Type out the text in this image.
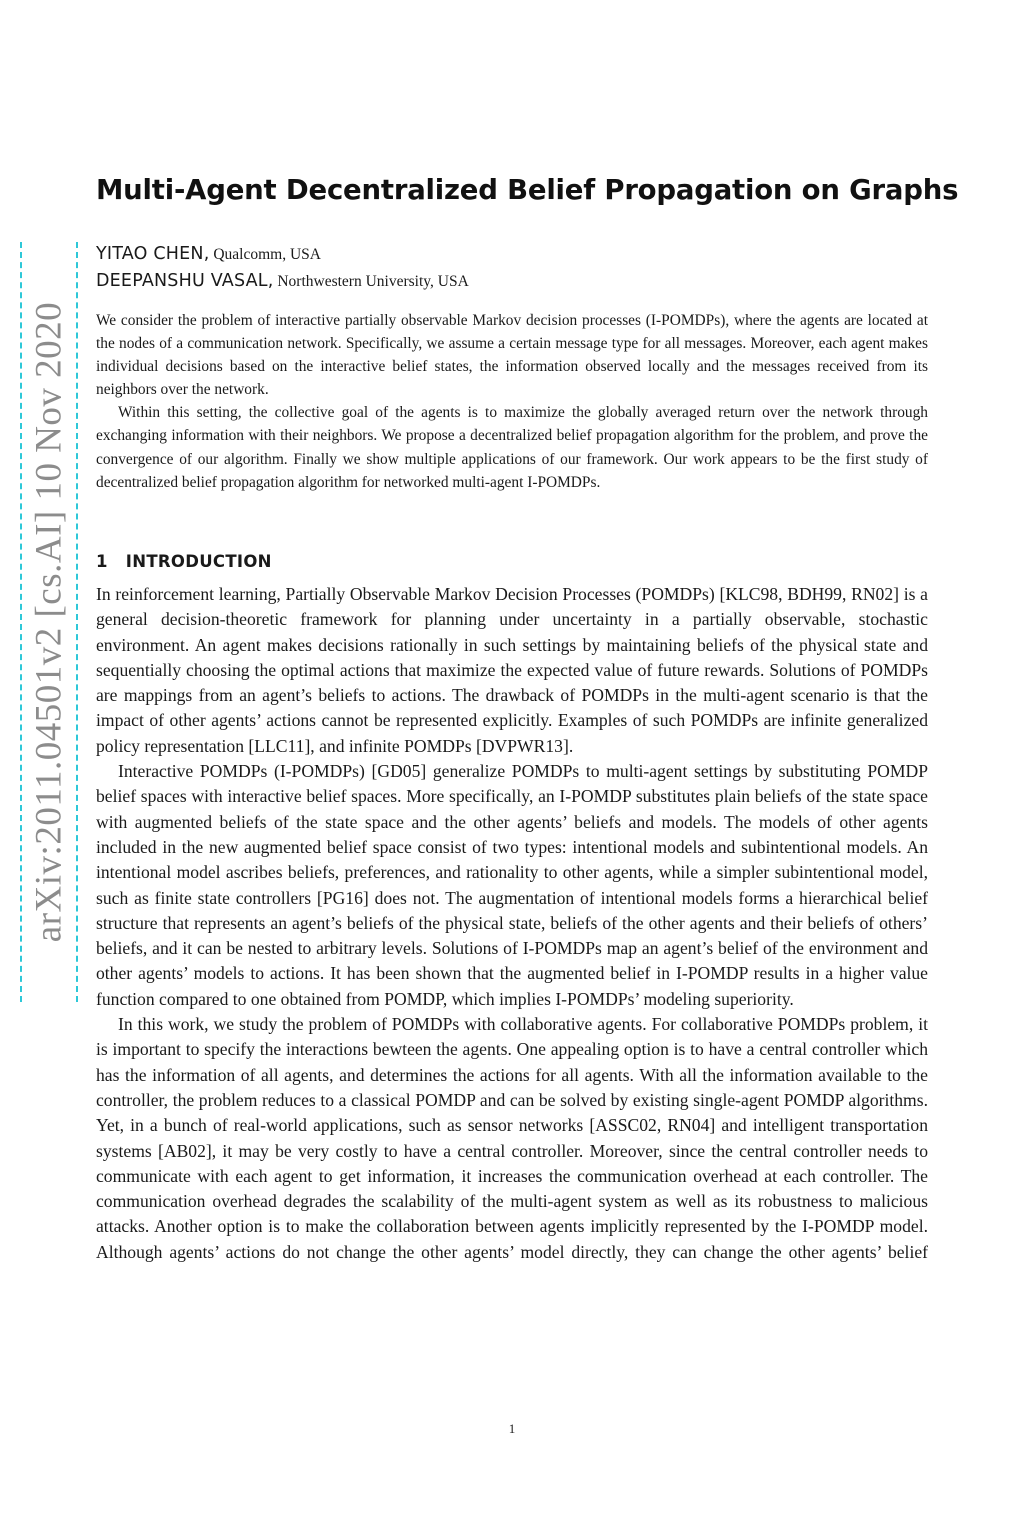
arXiv:2011.04501v2 [cs.AI] 10 Nov 2020
Multi-Agent Decentralized Belief Propagation on Graphs
YITAO CHEN, Qualcomm, USA
DEEPANSHU VASAL, Northwestern University, USA

We consider the problem of interactive partially observable Markov decision processes (I-POMDPs), where the agents are located at the nodes of a communication network. Specifically, we assume a certain message type for all messages. Moreover, each agent makes individual decisions based on the interactive belief states, the information observed locally and the messages received from its neighbors over the network.

Within this setting, the collective goal of the agents is to maximize the globally averaged return over the network through exchanging information with their neighbors. We propose a decentralized belief propagation algorithm for the problem, and prove the convergence of our algorithm. Finally we show multiple applications of our framework. Our work appears to be the first study of decentralized belief propagation algorithm for networked multi-agent I-POMDPs.

1 INTRODUCTION

In reinforcement learning, Partially Observable Markov Decision Processes (POMDPs) [KLC98, BDH99, RN02] is a general decision-theoretic framework for planning under uncertainty in a partially observable, stochastic environment. An agent makes decisions rationally in such settings by maintaining beliefs of the physical state and sequentially choosing the optimal actions that maximize the expected value of future rewards. Solutions of POMDPs are mappings from an agent’s beliefs to actions. The drawback of POMDPs in the multi-agent scenario is that the impact of other agents’ actions cannot be represented explicitly. Examples of such POMDPs are infinite generalized policy representation [LLC11], and infinite POMDPs [DVPWR13].

Interactive POMDPs (I-POMDPs) [GD05] generalize POMDPs to multi-agent settings by substituting POMDP belief spaces with interactive belief spaces. More specifically, an I-POMDP substitutes plain beliefs of the state space with augmented beliefs of the state space and the other agents’ beliefs and models. The models of other agents included in the new augmented belief space consist of two types: intentional models and subintentional models. An intentional model ascribes beliefs, preferences, and rationality to other agents, while a simpler subintentional model, such as finite state controllers [PG16] does not. The augmentation of intentional models forms a hierarchical belief structure that represents an agent’s beliefs of the physical state, beliefs of the other agents and their beliefs of others’ beliefs, and it can be nested to arbitrary levels. Solutions of I-POMDPs map an agent’s belief of the environment and other agents’ models to actions. It has been shown that the augmented belief in I-POMDP results in a higher value function compared to one obtained from POMDP, which implies I-POMDPs’ modeling superiority.

In this work, we study the problem of POMDPs with collaborative agents. For collaborative POMDPs problem, it is important to specify the interactions bewteen the agents. One appealing option is to have a central controller which has the information of all agents, and determines the actions for all agents. With all the information available to the controller, the problem reduces to a classical POMDP and can be solved by existing single-agent POMDP algorithms. Yet, in a bunch of real-world applications, such as sensor networks [ASSC02, RN04] and intelligent transportation systems [AB02], it may be very costly to have a central controller. Moreover, since the central controller needs to communicate with each agent to get information, it increases the communication overhead at each controller. The communication overhead degrades the scalability of the multi-agent system as well as its robustness to malicious attacks. Another option is to make the collaboration between agents implicitly represented by the I-POMDP model. Although agents’ actions do not change the other agents’ model directly, they can change the other agents’ belief

1
